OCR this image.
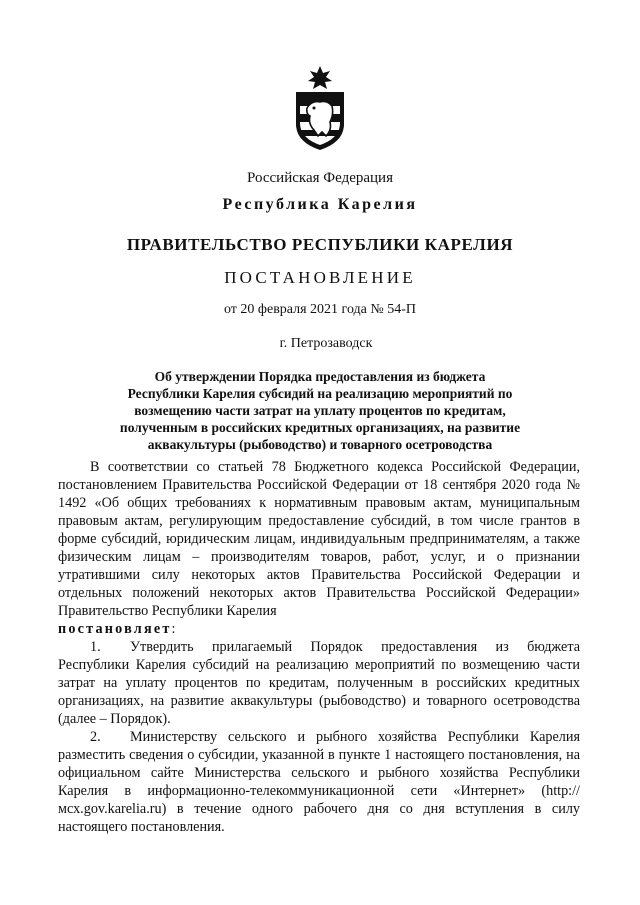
Российская Федерация
Республика Карелия
ПРАВИТЕЛЬСТВО РЕСПУБЛИКИ КАРЕЛИЯ
ПОСТАНОВЛЕНИЕ
от 20 февраля 2021 года № 54-П
г. Петрозаводск
Об утверждении Порядка предоставления из бюджета
Республики Карелия субсидий на реализацию мероприятий по
возмещению части затрат на уплату процентов по кредитам,
полученным в российских кредитных организациях, на развитие
аквакультуры (рыбоводство) и товарного осетроводства

В соответствии со статьей 78 Бюджетного кодекса Российской Федерации, постановлением Правительства Российской Федерации от 18 сентября 2020 года № 1492 «Об общих требованиях к нормативным правовым актам, муниципальным правовым актам, регулирующим предоставление субсидий, в том числе грантов в форме субсидий, юридическим лицам, индивидуальным предпринимателям, а также физическим лицам – производителям товаров, работ, услуг, и о признании утратившими силу некоторых актов Правительства Российской Федерации и отдельных положений некоторых актов Правительства Российской Федерации» Правительство Республики Карелия
постановляет:

1. Утвердить прилагаемый Порядок предоставления из бюджета Республики Карелия субсидий на реализацию мероприятий по возмещению части затрат на уплату процентов по кредитам, полученным в российских кредитных организациях, на развитие аквакультуры (рыбоводство) и товарного осетроводства (далее – Порядок).

2. Министерству сельского и рыбного хозяйства Республики Карелия разместить сведения о субсидии, указанной в пункте 1 настоящего постановления, на официальном сайте Министерства сельского и рыбного хозяйства Республики Карелия в информационно-телекоммуникационной сети «Интернет» (http://мсх.gov.karelia.ru) в течение одного рабочего дня со дня вступления в силу настоящего постановления.
